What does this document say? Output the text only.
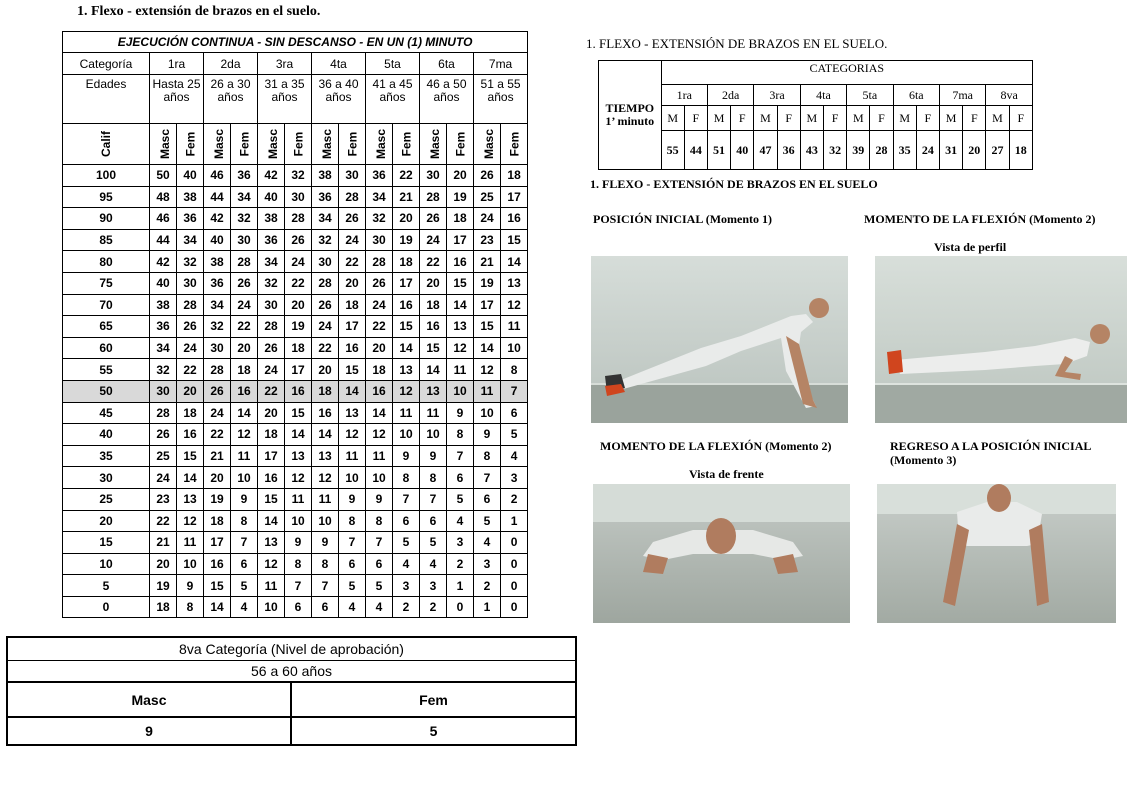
1. Flexo - extensión de brazos en el suelo.
EJECUCIÓN CONTINUA - SIN DESCANSO - EN UN (1) MINUTO														
Categoría	1ra		2da		3ra		4ta		5ta		6ta		7ma	
Edades	Hasta 25 años		26 a 30 años		31 a 35 años		36 a 40 años		41 a 45 años		46 a 50 años		51 a 55 años	
Calif	Masc	Fem	Masc	Fem	Masc	Fem	Masc	Fem	Masc	Fem	Masc	Fem	Masc	Fem
100	50	40	46	36	42	32	38	30	36	22	30	20	26	18
95	48	38	44	34	40	30	36	28	34	21	28	19	25	17
90	46	36	42	32	38	28	34	26	32	20	26	18	24	16
85	44	34	40	30	36	26	32	24	30	19	24	17	23	15
80	42	32	38	28	34	24	30	22	28	18	22	16	21	14
75	40	30	36	26	32	22	28	20	26	17	20	15	19	13
70	38	28	34	24	30	20	26	18	24	16	18	14	17	12
65	36	26	32	22	28	19	24	17	22	15	16	13	15	11
60	34	24	30	20	26	18	22	16	20	14	15	12	14	10
55	32	22	28	18	24	17	20	15	18	13	14	11	12	8
50	30	20	26	16	22	16	18	14	16	12	13	10	11	7
45	28	18	24	14	20	15	16	13	14	11	11	9	10	6
40	26	16	22	12	18	14	14	12	12	10	10	8	9	5
35	25	15	21	11	17	13	13	11	11	9	9	7	8	4
30	24	14	20	10	16	12	12	10	10	8	8	6	7	3
25	23	13	19	9	15	11	11	9	9	7	7	5	6	2
20	22	12	18	8	14	10	10	8	8	6	6	4	5	1
15	21	11	17	7	13	9	9	7	7	5	5	3	4	0
10	20	10	16	6	12	8	8	6	6	4	4	2	3	0
5	19	9	15	5	11	7	7	5	5	3	3	1	2	0
0	18	8	14	4	10	6	6	4	4	2	2	0	1	0
8va Categoría (Nivel de aprobación)	
56 a 60 años	
Masc	Fem
9	5
1. FLEXO - EXTENSIÓN DE BRAZOS EN EL SUELO.
TIEMPO
1’ minuto	CATEGORIAS															
	1ra		2da		3ra		4ta		5ta		6ta		7ma		8va	
	M	F	M	F	M	F	M	F	M	F	M	F	M	F	M	F
	55	44	51	40	47	36	43	32	39	28	35	24	31	20	27	18
1. FLEXO - EXTENSIÓN DE BRAZOS EN EL SUELO
POSICIÓN INICIAL (Momento 1)	MOMENTO DE LA FLEXIÓN (Momento 2)
Vista de perfil
MOMENTO DE LA FLEXIÓN (Momento 2)
Vista de frente
REGRESO A LA POSICIÓN INICIAL
(Momento 3)
